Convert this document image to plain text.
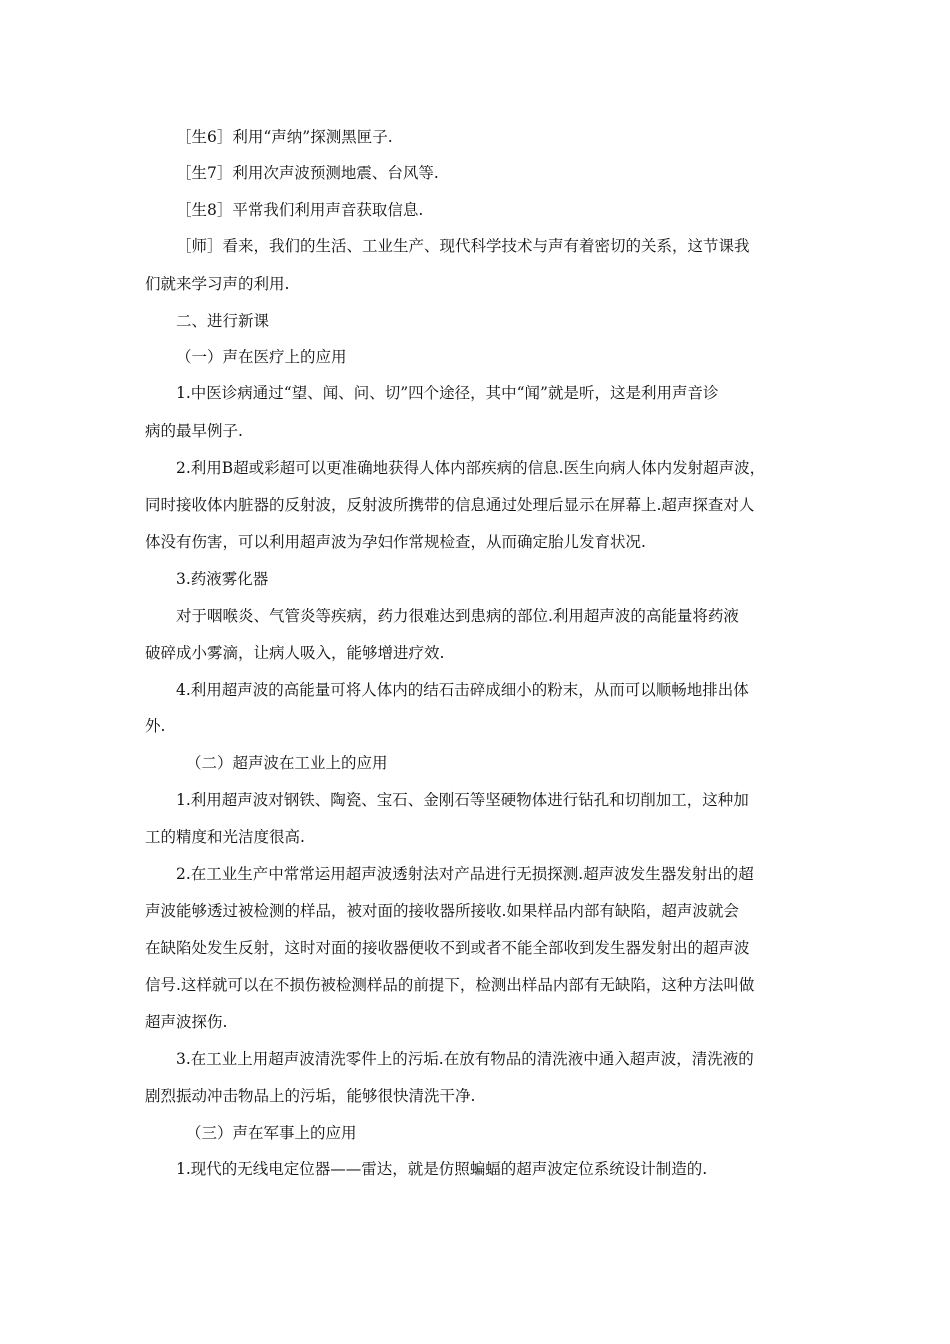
［生6］利用“声纳”探测黑匣子.

［生7］利用次声波预测地震、台风等.

［生8］平常我们利用声音获取信息.

［师］看来，我们的生活、工业生产、现代科学技术与声有着密切的关系，这节课我

们就来学习声的利用.

二、进行新课

（一）声在医疗上的应用

1.中医诊病通过“望、闻、问、切”四个途径，其中“闻”就是听，这是利用声音诊

病的最早例子.

2.利用B超或彩超可以更准确地获得人体内部疾病的信息.医生向病人体内发射超声波，

同时接收体内脏器的反射波，反射波所携带的信息通过处理后显示在屏幕上.超声探查对人

体没有伤害，可以利用超声波为孕妇作常规检查，从而确定胎儿发育状况.

3.药液雾化器

对于咽喉炎、气管炎等疾病，药力很难达到患病的部位.利用超声波的高能量将药液

破碎成小雾滴，让病人吸入，能够增进疗效.

4.利用超声波的高能量可将人体内的结石击碎成细小的粉末，从而可以顺畅地排出体

外.

（二）超声波在工业上的应用

1.利用超声波对钢铁、陶瓷、宝石、金刚石等坚硬物体进行钻孔和切削加工，这种加

工的精度和光洁度很高.

2.在工业生产中常常运用超声波透射法对产品进行无损探测.超声波发生器发射出的超

声波能够透过被检测的样品，被对面的接收器所接收.如果样品内部有缺陷，超声波就会

在缺陷处发生反射，这时对面的接收器便收不到或者不能全部收到发生器发射出的超声波

信号.这样就可以在不损伤被检测样品的前提下，检测出样品内部有无缺陷，这种方法叫做

超声波探伤.

3.在工业上用超声波清洗零件上的污垢.在放有物品的清洗液中通入超声波，清洗液的

剧烈振动冲击物品上的污垢，能够很快清洗干净.

（三）声在军事上的应用

1.现代的无线电定位器——雷达，就是仿照蝙蝠的超声波定位系统设计制造的.
